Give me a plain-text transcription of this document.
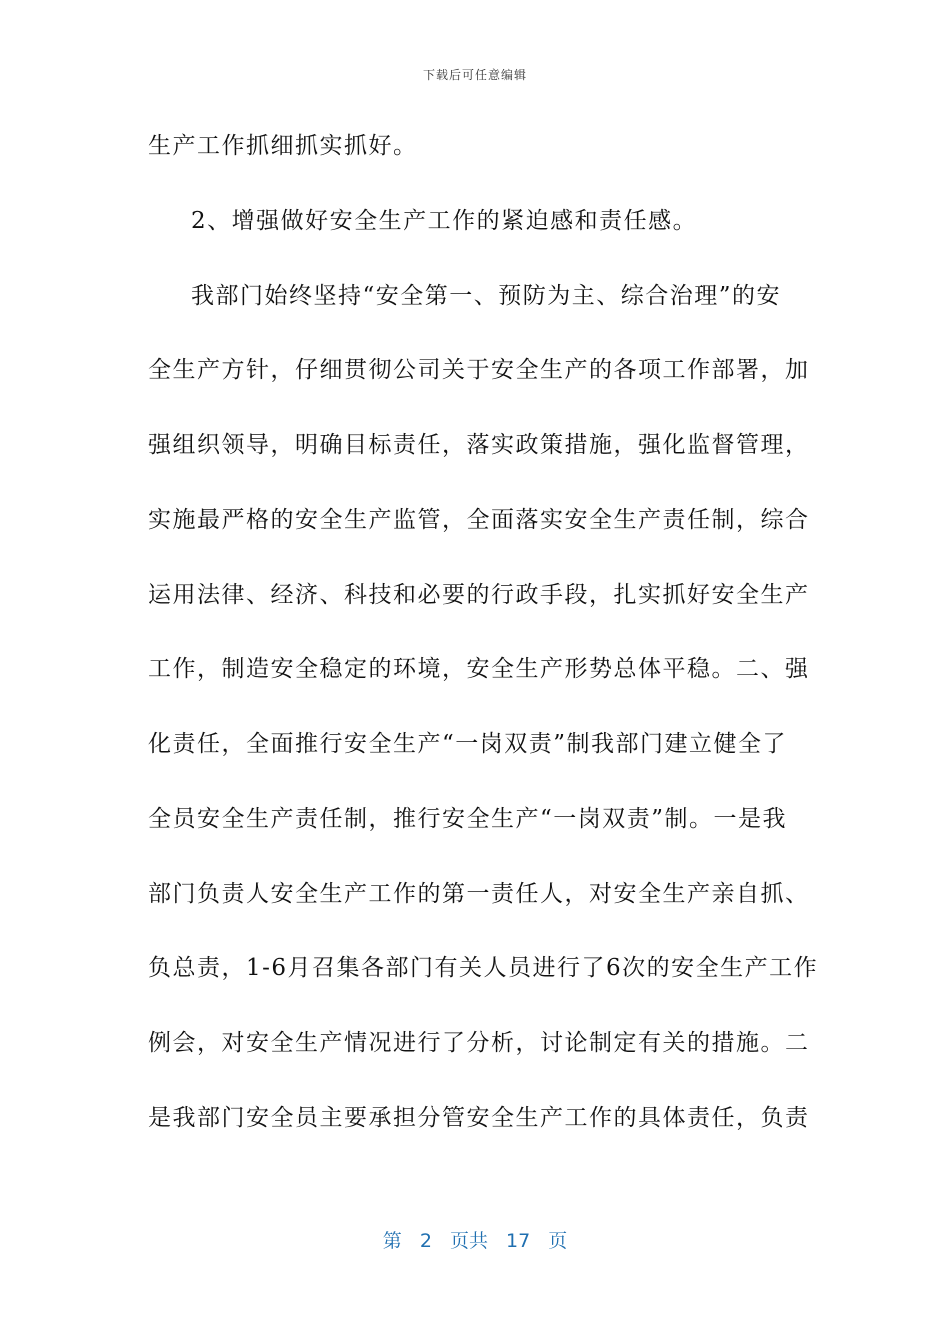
下载后可任意编辑
生产工作抓细抓实抓好。
2、增强做好安全生产工作的紧迫感和责任感。
我部门始终坚持“安全第一、预防为主、综合治理”的安
全生产方针，仔细贯彻公司关于安全生产的各项工作部署，加
强组织领导，明确目标责任，落实政策措施，强化监督管理，
实施最严格的安全生产监管，全面落实安全生产责任制，综合
运用法律、经济、科技和必要的行政手段，扎实抓好安全生产
工作，制造安全稳定的环境，安全生产形势总体平稳。二、强
化责任，全面推行安全生产“一岗双责”制我部门建立健全了
全员安全生产责任制，推行安全生产“一岗双责”制。一是我
部门负责人安全生产工作的第一责任人，对安全生产亲自抓、
负总责，1-6月召集各部门有关人员进行了6次的安全生产工作
例会，对安全生产情况进行了分析，讨论制定有关的措施。二
是我部门安全员主要承担分管安全生产工作的具体责任，负责
第 2 页共 17 页
